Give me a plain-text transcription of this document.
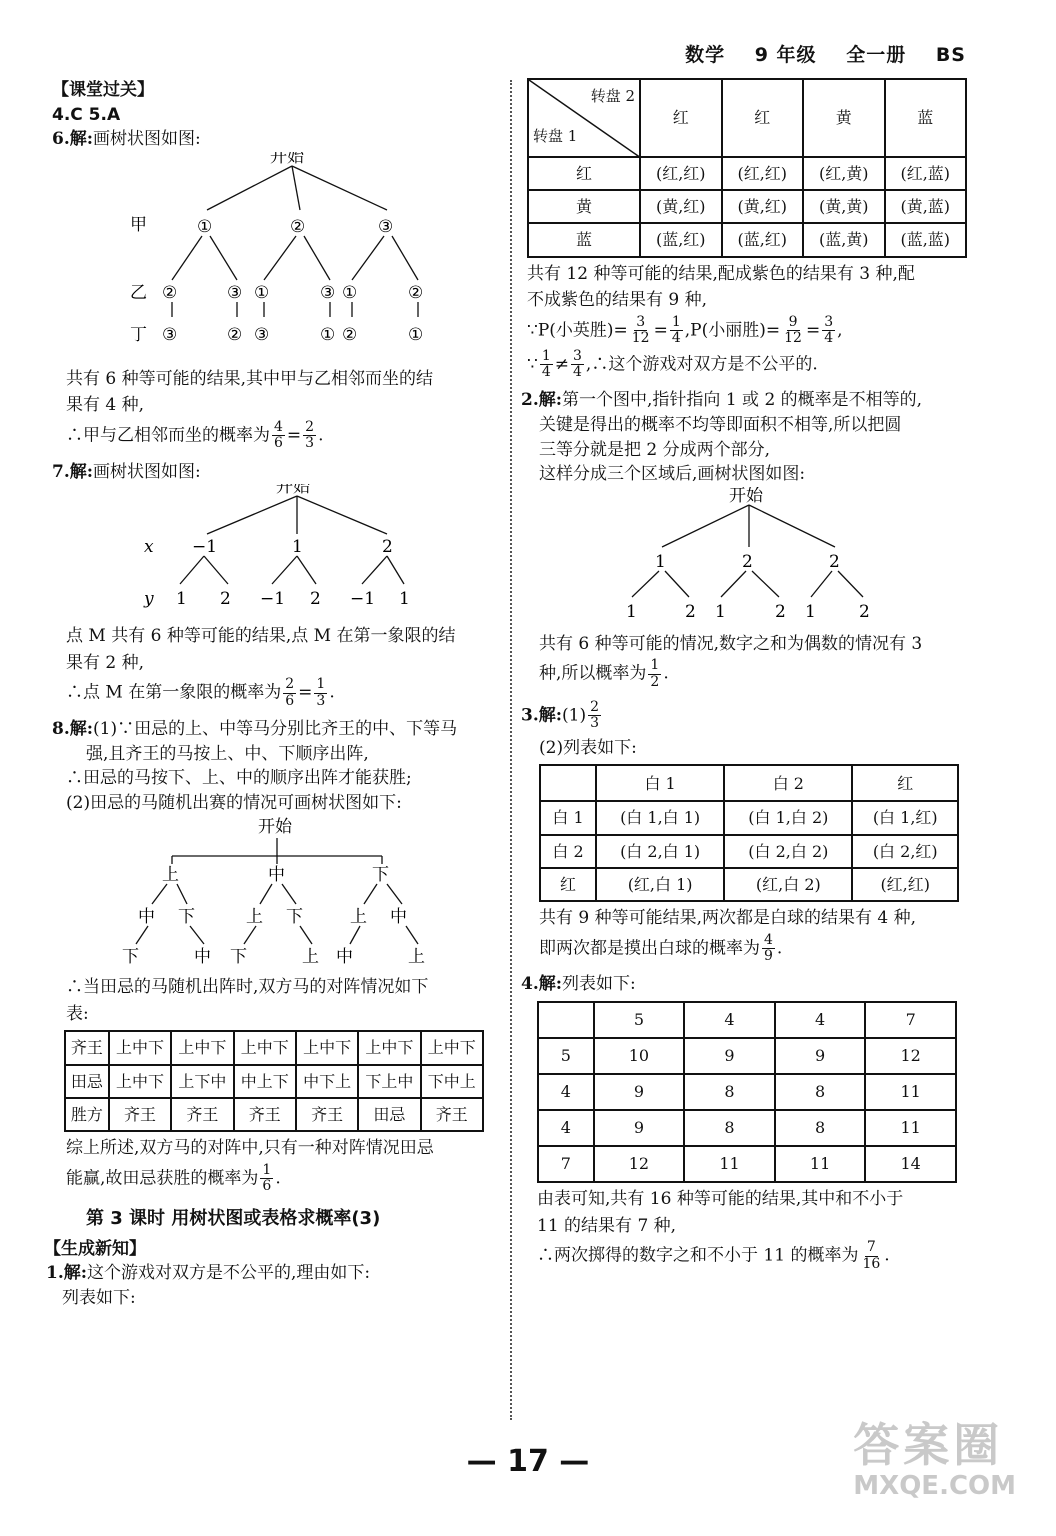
数学 9 年级 全一册 BS
【课堂过关】
4.C 5.A
6.解:画树状图如图:
开始
甲
乙
丁
①	②	③
②	③ ①	③ ①	②
③	② ③	① ②	①
共有 6 种等可能的结果,其中甲与乙相邻而坐的结
果有 4 种,
∴甲与乙相邻而坐的概率为 $\frac{4}{6} = \frac{2}{3}$ .
7.解:画树状图如图:
开始
x
y
−1	1	2
1 2 −1 2 −1 1
点 M 共有 6 种等可能的结果,点 M 在第一象限的结
果有 2 种,
∴点 M 在第一象限的概率为 $\frac{2}{6} = \frac{1}{3}$ .
8.解:(1)∵田忌的上、中等马分别比齐王的中、下等马
强,且齐王的马按上、中、下顺序出阵,
∴田忌的马按下、上、中的顺序出阵才能获胜;
(2)田忌的马随机出赛的情况可画树状图如下:
开始
上	中	下
中 下	上 下	上 中
下	中 下	上 中	上
∴当田忌的马随机出阵时,双方马的对阵情况如下
表:
齐王	上中下	上中下	上中下	上中下	上中下	上中下
田忌	上中下	上下中	中上下	中下上	下上中	下中上
胜方	齐王	齐王	齐王	齐王	田忌	齐王
综上所述,双方马的对阵中,只有一种对阵情况田忌
能赢,故田忌获胜的概率为 $\frac{1}{6}$ .
第 3 课时 用树状图或表格求概率(3)
【生成新知】
1.解:这个游戏对双方是不公平的,理由如下:
列表如下:
转盘 2
转盘 1	红	红	黄	蓝
红	(红,红)	(红,红)	(红,黄)	(红,蓝)
黄	(黄,红)	(黄,红)	(黄,黄)	(黄,蓝)
蓝	(蓝,红)	(蓝,红)	(蓝,黄)	(蓝,蓝)
共有 12 种等可能的结果,配成紫色的结果有 3 种,配
不成紫色的结果有 9 种,
∵P(小英胜)= $\frac{3}{12} = \frac{1}{4} ,P$(小丽胜)= $\frac{9}{12} = \frac{3}{4}$ ,
∵ $\frac{1}{4} \ne \frac{3}{4}$ ,∴这个游戏对双方是不公平的.
2.解:第一个图中,指针指向 1 或 2 的概率是不相等的,
关键是得出的概率不均等即面积不相等,所以把圆
三等分就是把 2 分成两个部分,
这样分成三个区域后,画树状图如图:
开始
1	2	2
1	2 1	2 1	2
共有 6 种等可能的情况,数字之和为偶数的情况有 3
种,所以概率为 $\frac{1}{2}$ .
3.解:(1) $\frac{2}{3}$
(2)列表如下:
	白 1	白 2	红
白 1	(白 1,白 1)	(白 1,白 2)	(白 1,红)
白 2	(白 2,白 1)	(白 2,白 2)	(白 2,红)
红	(红,白 1)	(红,白 2)	(红,红)
共有 9 种等可能结果,两次都是白球的结果有 4 种,
即两次都是摸出白球的概率为 $\frac{4}{9}$ .
4.解:列表如下:
	5	4	4	7
5	10	9	9	12
4	9	8	8	11
4	9	8	8	11
7	12	11	11	14
由表可知,共有 16 种等可能的结果,其中和不小于
11 的结果有 7 种,
∴两次掷得的数字之和不小于 11 的概率为 $\frac{7}{16}$ .
— 17 —	答案圈
MXQE.COM
